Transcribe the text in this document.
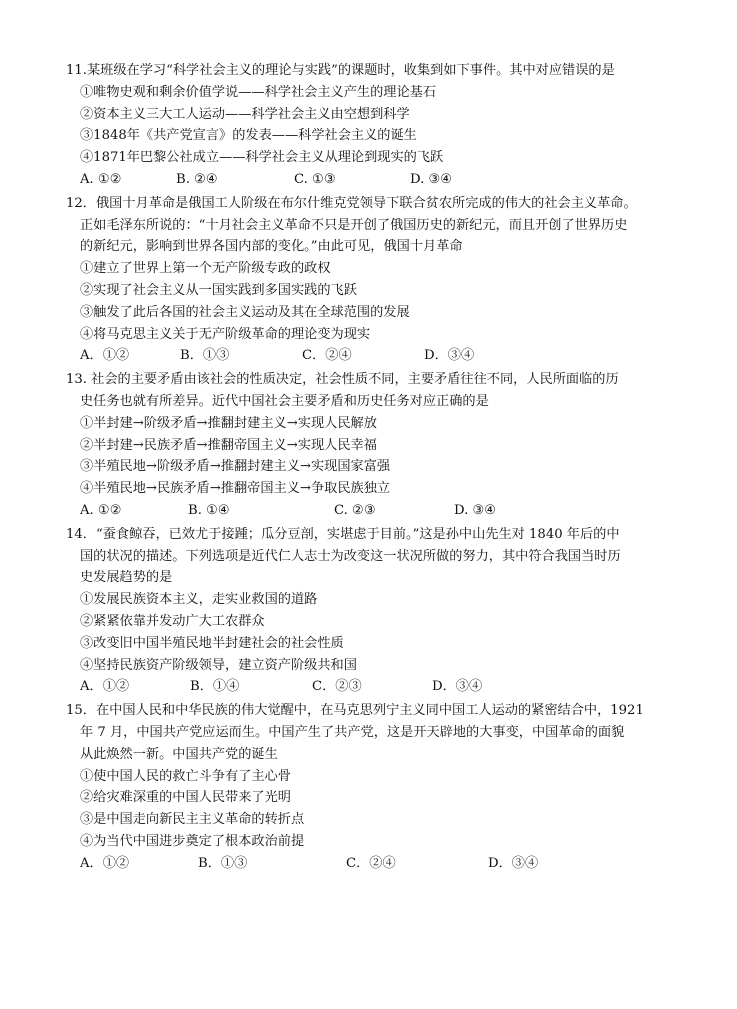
11.某班级在学习“科学社会主义的理论与实践”的课题时，收集到如下事件。其中对应错误的是
①唯物史观和剩余价值学说——科学社会主义产生的理论基石
②资本主义三大工人运动——科学社会主义由空想到科学
③1848年《共产党宣言》的发表——科学社会主义的诞生
④1871年巴黎公社成立——科学社会主义从理论到现实的飞跃
A. ①②	B. ②④	C. ①③	D. ③④
12．俄国十月革命是俄国工人阶级在布尔什维克党领导下联合贫农所完成的伟大的社会主义革命。
正如毛泽东所说的：“十月社会主义革命不只是开创了俄国历史的新纪元，而且开创了世界历史
的新纪元，影响到世界各国内部的变化。”由此可见，俄国十月革命
①建立了世界上第一个无产阶级专政的政权
②实现了社会主义从一国实践到多国实践的飞跃
③触发了此后各国的社会主义运动及其在全球范围的发展
④将马克思主义关于无产阶级革命的理论变为现实
A．①②	B．①③	C．②④	D．③④
13. 社会的主要矛盾由该社会的性质决定，社会性质不同，主要矛盾往往不同，人民所面临的历
史任务也就有所差异。近代中国社会主要矛盾和历史任务对应正确的是
①半封建→阶级矛盾→推翻封建主义→实现人民解放
②半封建→民族矛盾→推翻帝国主义→实现人民幸福
③半殖民地→阶级矛盾→推翻封建主义→实现国家富强
④半殖民地→民族矛盾→推翻帝国主义→争取民族独立
A. ①②	B. ①④	C. ②③	D. ③④
14．“蚕食鲸吞，已效尤于接踵；瓜分豆剖，实堪虑于目前。”这是孙中山先生对 1840 年后的中
国的状况的描述。下列选项是近代仁人志士为改变这一状况所做的努力，其中符合我国当时历
史发展趋势的是
①发展民族资本主义，走实业救国的道路
②紧紧依靠并发动广大工农群众
③改变旧中国半殖民地半封建社会的社会性质
④坚持民族资产阶级领导，建立资产阶级共和国
A．①②	B．①④	C．②③	D．③④
15．在中国人民和中华民族的伟大觉醒中，在马克思列宁主义同中国工人运动的紧密结合中，1921
年 7 月，中国共产党应运而生。中国产生了共产党，这是开天辟地的大事变，中国革命的面貌
从此焕然一新。中国共产党的诞生
①使中国人民的救亡斗争有了主心骨
②给灾难深重的中国人民带来了光明
③是中国走向新民主主义革命的转折点
④为当代中国进步奠定了根本政治前提
A．①②	B．①③	C．②④	D．③④
